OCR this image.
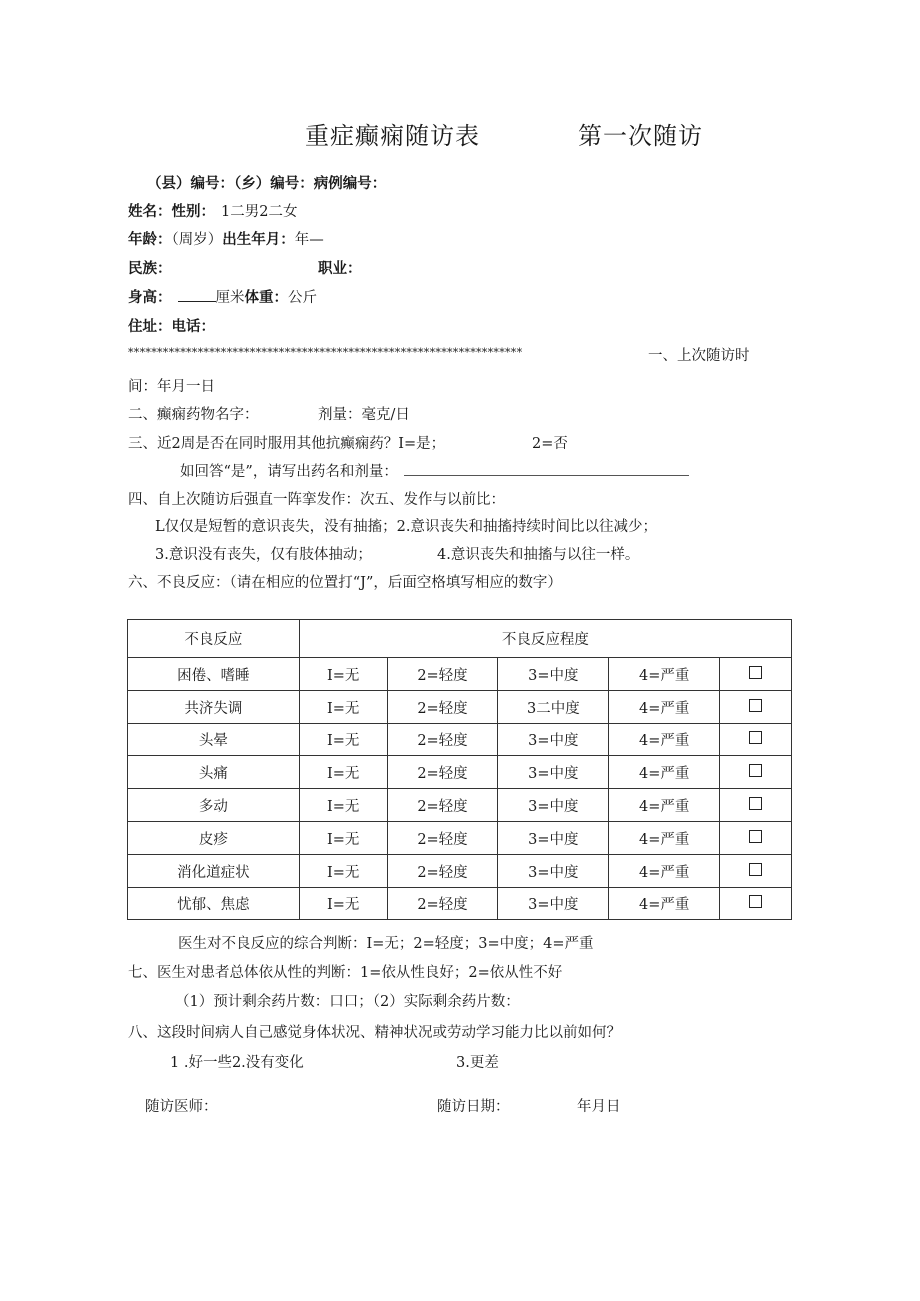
重症癫痫随访表	第一次随访
（县）编号：（乡）编号：病例编号：
姓名：性别： 1二男2二女
年龄：（周岁）出生年月：年—
民族：	职业：
身高：	厘米体重：公斤
住址：电话：
********************************************************************	一、上次随访时
间：年月一日
二、癫痫药物名字：	剂量：毫克/日
三、近2周是否在同时服用其他抗癫痫药？I=是；	2=否
如回答“是”，请写出药名和剂量：
四、自上次随访后强直一阵挛发作：次五、发作与以前比：
L仅仅是短暂的意识丧失，没有抽搐；2.意识丧失和抽搐持续时间比以往减少；
3.意识没有丧失，仅有肢体抽动；	4.意识丧失和抽搐与以往一样。
六、不良反应：（请在相应的位置打“J”，后面空格填写相应的数字）
不良反应	不良反应程度				
困倦、嗜睡	I=无	2=轻度	3=中度	4=严重	
共济失调	I=无	2=轻度	3二中度	4=严重	
头晕	I=无	2=轻度	3=中度	4=严重	
头痛	I=无	2=轻度	3=中度	4=严重	
多动	I=无	2=轻度	3=中度	4=严重	
皮疹	I=无	2=轻度	3=中度	4=严重	
消化道症状	I=无	2=轻度	3=中度	4=严重	
忧郁、焦虑	I=无	2=轻度	3=中度	4=严重	
医生对不良反应的综合判断：I=无；2=轻度；3=中度；4=严重
七、医生对患者总体依从性的判断：1=依从性良好；2=依从性不好
（1）预计剩余药片数：口口；（2）实际剩余药片数：
八、这段时间病人自己感觉身体状况、精神状况或劳动学习能力比以前如何？
1 .好一些2.没有变化	3.更差
随访医师：	随访日期：	年月日
